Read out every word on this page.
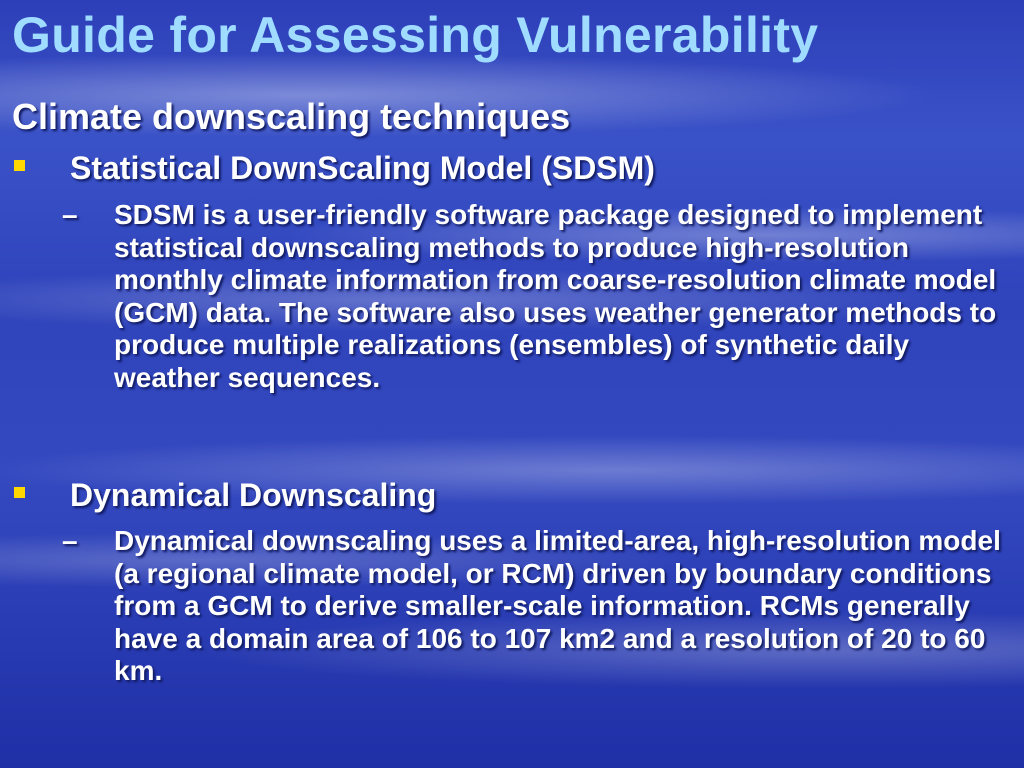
Guide for Assessing Vulnerability
Climate downscaling techniques
Statistical DownScaling Model (SDSM)
– SDSM is a user-friendly software package designed to implement statistical downscaling methods to produce high-resolution monthly climate information from coarse-resolution climate model (GCM) data. The software also uses weather generator methods to produce multiple realizations (ensembles) of synthetic daily weather sequences.
Dynamical Downscaling
– Dynamical downscaling uses a limited-area, high-resolution model (a regional climate model, or RCM) driven by boundary conditions from a GCM to derive smaller-scale information. RCMs generally have a domain area of 106 to 107 km2 and a resolution of 20 to 60 km.
